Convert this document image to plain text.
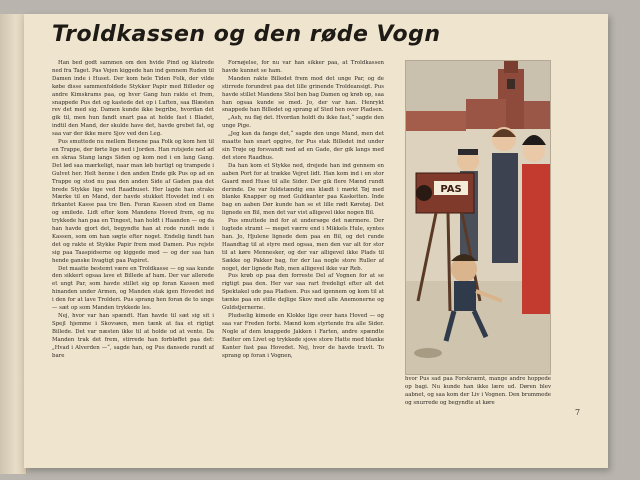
Troldkassen og den røde Vogn

Han bed godt sammen om den hvide Pind og klatrede ned fra Taget. Pas Vejen kiggede han ind gennem Ruden til Damen inde i Huset. Der kom hele Tiden Folk, der vilde købe disse sammenfoldede Stykker Papir med Billeder og andre Kimskrams paa, og hver Gang hun rakte et frem, snappede Pus det og kastede det op i Luften, saa Blæsten rev det med sig. Damen kunde ikke begribe, hvordan det gik til, men hun fandt snart paa at holde fast i Bladet, indtil den Mand, der skulde have det, havde grebet fat, og saa var der ikke mere Sjov ved den Leg.

Pus smuttede nu mellem Benene paa Folk og kom hen til en Trappe, der førte lige ned i Jorden. Han rutsjede ned ad en skraa Stang langs Siden og kom ned i en lang Gang. Det lød saa mærkeligt, naar man løb hurtigt og trampede i Gulvet her. Helt henne i den anden Ende gik Pus op ad en Trappe og stod nu paa den anden Side af Gaden paa det brede Stykke lige ved Raadhuset. Her lagde han straks Mærke til en Mand, der havde stukket Hovedet ind i en firkantet Kasse paa tre Ben. Foran Kassen stod en Dame og smilede. Lidt efter kom Mandens Hoved frem, og nu trykkede han paa en Tingest, han holdt i Haanden — og da han havde gjort det, begyndte han at rode rundt inde i Kassen, som om han søgte efter noget. Endelig fandt han det og rakte et Stykke Papir frem mod Damen. Pus rejste sig paa Taaspidserne og kiggede med — og der saa han hende ganske livagtigt paa Papiret.

Det maatte bestemt være en Troldkasse — og saa kunde den sikkert ogsaa lave et Billede af ham. Der var allerede et ungt Par, som havde stillet sig op foran Kassen med hinanden under Armen, og Manden stak igen Hovedet ind i den for at lave Trolderi. Pus sprang hen foran de to unge — sæt op som Manden trykkede les.

Nej, hvor var han spændt. Han havde til sæt sig sit i Spejl hjemme i Skovsøen, men tænk at faa et rigtigt Billede. Det var næsten ikke til at holde ud at vente. Da Manden trak det frem, stirrede han forbløffet paa det: „Hvad i Alverden —“, sagde han, og Pus dansede rundt af bare

Fornøjelse, for nu var han sikker paa, at Troldkassen havde kunnet se ham.

Manden rakte Billedet frem mod det unge Par, og de stirrede forundret paa det lille grinende Troldeansigt. Pus havde stillet Mandens Stol ben bag Damen og krøb op, saa han ogsaa kunde se med. Jo, der var han. Henrykt snappede han Billedet og sprang af Sted hen over Pladsen.

„Ash, nu fløj det. Hvordan holdt du ikke fast,“ sagde den unge Pige.

„Jeg kan da fange det,“ sagde den unge Mand, men det maatte han snart opgive, for Pus stak Billedet ind under sin Trøje og forsvandt ned ad en Gade, der gik langs med det store Raadhus.

Da han kom et Stykke ned, drejede han ind gennem en aaben Port for at trække Vejret lidt. Han kom ind i en stor Gaard med Huse til alle Sider. Der gik flere Mænd rundt derinde. De var fuldstændig ens klædt i mørkt Tøj med blanke Knapper og med Guldkanter paa Kasketten. Inde bag en aaben Dør kunde han se et lille rødt Køretøj. Det lignede en Bil, men det var vist alligevel ikke nogen Bil.

Pus smuttede ind for at undersøge det nærmere. Der lugtede stramt — meget værre end i Mikkels Hule, syntes han. Jo, Hjulene lignede dem paa en Bil, og det runde Haandtag til at styre med ogsaa, men den var alt for stor til at køre Mennesker, og der var alligevel ikke Plads til Sække og Pakker bag, for der laa nogle store Ruller af noget, der lignede Reb, men alligevel ikke var Reb.

Pus krøb op paa den forreste Del af Vognen for at se rigtigt paa den. Her var saa rart fredeligt efter alt det Spektakel ude paa Pladsen. Pus sad igennem og kom til at tænke paa en stille dejlige Skov med alle Anemonerne og Guldstjernerne.

Pludselig kimede en Klokke lige over hans Hoved — og saa var Freden forbi. Mænd kom styrtende fra alle Sider. Nogle af dem knappede Jakken i Farten, andre spændte Bælter om Livet og trykkede sjove store Hatte med blanke Kanter fast paa Hovedet. Nej, hvor de havde travlt. To sprang op foran i Vognen,

PAS
hvor Pus sad paa Forskræmt, mange andre hoppede op bagi. Nu kunde han ikke lære ud. Døren blev aabnet, og saa kom der Liv i Vognen. Den brummede og snurrede og begyndte at køre
7
